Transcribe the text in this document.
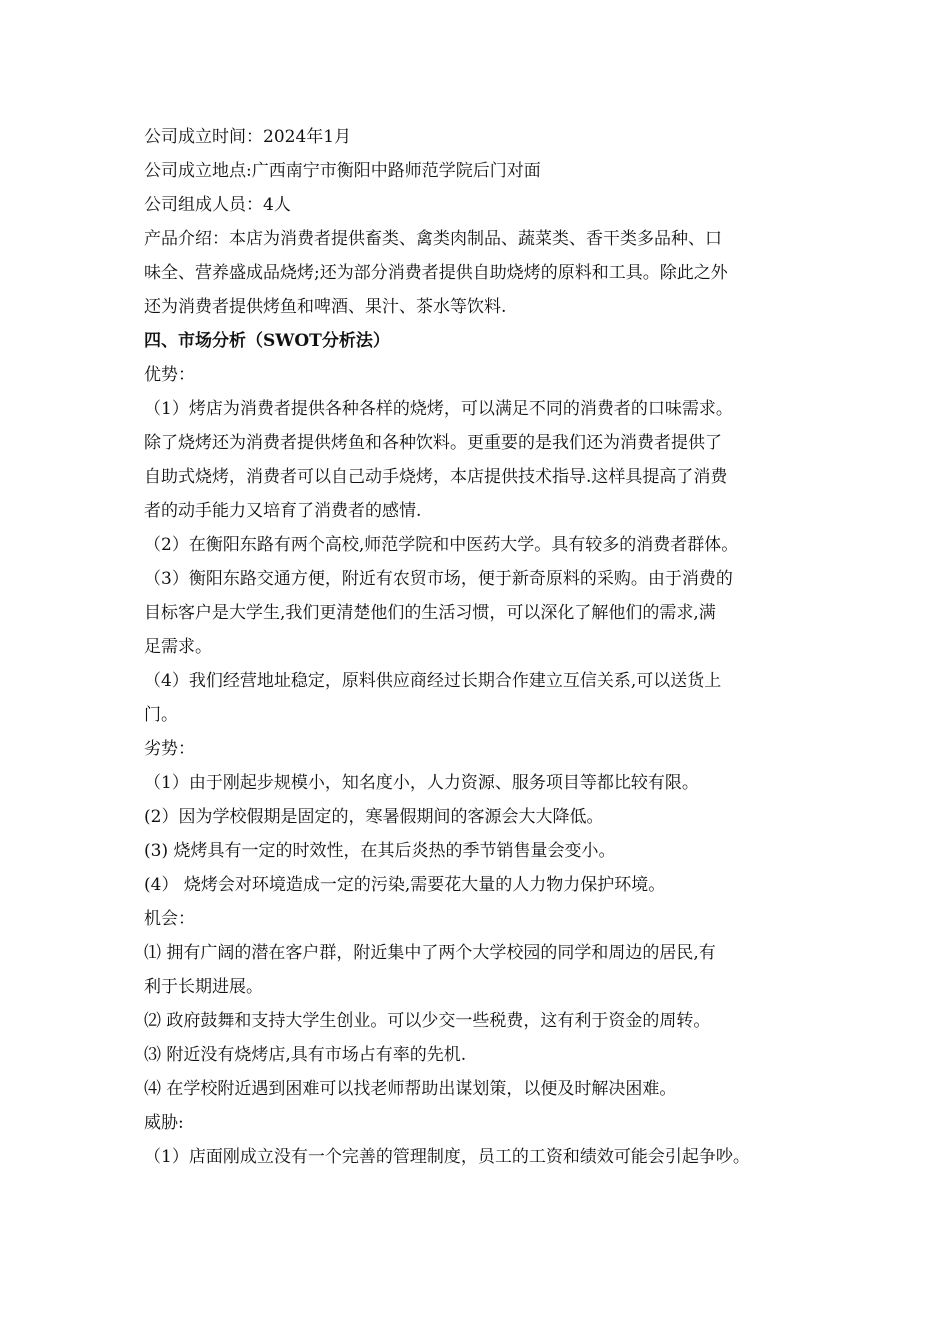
公司成立时间：2024年1月
公司成立地点:广西南宁市衡阳中路师范学院后门对面
公司组成人员：4人
产品介绍：本店为消费者提供畜类、禽类肉制品、蔬菜类、香干类多品种、口
味全、营养盛成品烧烤;还为部分消费者提供自助烧烤的原料和工具。除此之外
还为消费者提供烤鱼和啤酒、果汁、茶水等饮料.
四、市场分析（SWOT分析法）
优势：
（1）烤店为消费者提供各种各样的烧烤，可以满足不同的消费者的口味需求。
除了烧烤还为消费者提供烤鱼和各种饮料。更重要的是我们还为消费者提供了
自助式烧烤，消费者可以自己动手烧烤，本店提供技术指导.这样具提高了消费
者的动手能力又培育了消费者的感情.
（2）在衡阳东路有两个高校,师范学院和中医药大学。具有较多的消费者群体。
（3）衡阳东路交通方便，附近有农贸市场，便于新奇原料的采购。由于消费的
目标客户是大学生,我们更清楚他们的生活习惯，可以深化了解他们的需求,满
足需求。
（4）我们经营地址稳定，原料供应商经过长期合作建立互信关系,可以送货上
门。
劣势：
（1）由于刚起步规模小，知名度小，人力资源、服务项目等都比较有限。
(2）因为学校假期是固定的，寒暑假期间的客源会大大降低。
(3) 烧烤具有一定的时效性，在其后炎热的季节销售量会变小。
(4） 烧烤会对环境造成一定的污染,需要花大量的人力物力保护环境。
机会：
⑴ 拥有广阔的潜在客户群，附近集中了两个大学校园的同学和周边的居民,有
利于长期进展。
⑵ 政府鼓舞和支持大学生创业。可以少交一些税费，这有利于资金的周转。
⑶ 附近没有烧烤店,具有市场占有率的先机.
⑷ 在学校附近遇到困难可以找老师帮助出谋划策，以便及时解决困难。
威胁:
（1）店面刚成立没有一个完善的管理制度，员工的工资和绩效可能会引起争吵。
